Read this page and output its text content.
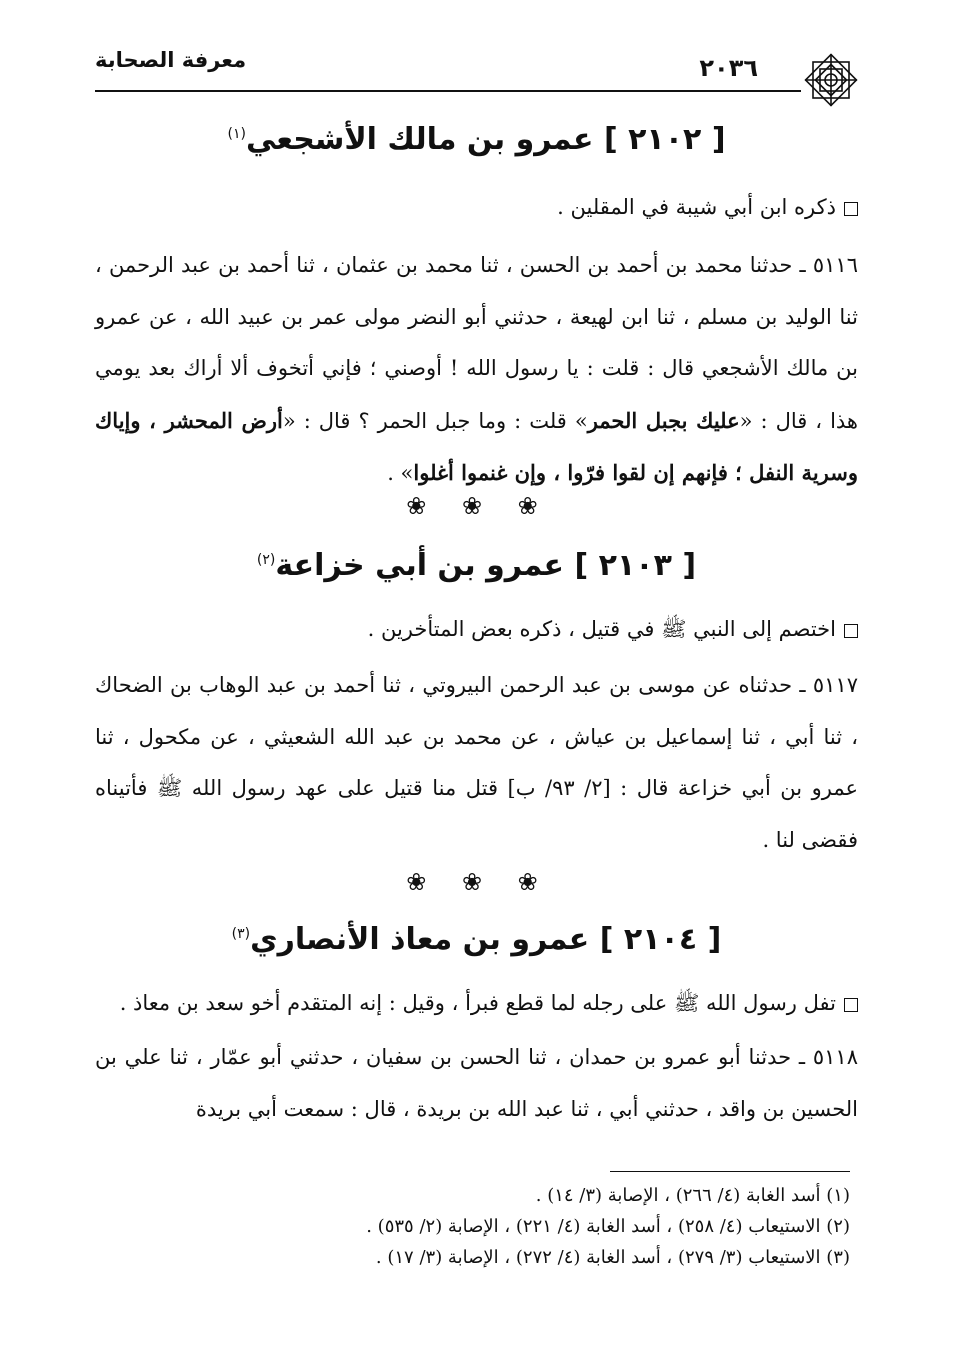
٢٠٣٦
معرفة الصحابة
[ ٢١٠٢ ] عمرو بن مالك الأشجعي$^{(١)}$
ذكره ابن أبي شيبة في المقلين .
٥١١٦ ـ حدثنا محمد بن أحمد بن الحسن ، ثنا محمد بن عثمان ، ثنا أحمد بن عبد الرحمن ، ثنا الوليد بن مسلم ، ثنا ابن لهيعة ، حدثني أبو النضر مولى عمر بن عبيد الله ، عن عمرو بن مالك الأشجعي قال : قلت : يا رسول الله ! أوصني ؛ فإني أتخوف ألا أراك بعد يومي هذا ، قال : «عليك بجبل الحمر» قلت : وما جبل الحمر ؟ قال : «أرض المحشر ، وإياك وسرية النفل ؛ فإنهم إن لقوا فرّوا ، وإن غنموا أغلوا» .
❀ ❀ ❀
[ ٢١٠٣ ] عمرو بن أبي خزاعة$^{(٢)}$
اختصم إلى النبي ﷺ في قتيل ، ذكره بعض المتأخرين .
٥١١٧ ـ حدثناه عن موسى بن عبد الرحمن البيروتي ، ثنا أحمد بن عبد الوهاب بن الضحاك ، ثنا أبي ، ثنا إسماعيل بن عياش ، عن محمد بن عبد الله الشعيثي ، عن مكحول ، ثنا عمرو بن أبي خزاعة قال : [٢/ ٩٣/ ب] قتل منا قتيل على عهد رسول الله ﷺ فأتيناه فقضى لنا .
❀ ❀ ❀
[ ٢١٠٤ ] عمرو بن معاذ الأنصاري$^{(٣)}$
تفل رسول الله ﷺ على رجله لما قطع فبرأ ، وقيل : إنه المتقدم أخو سعد بن معاذ .
٥١١٨ ـ حدثنا أبو عمرو بن حمدان ، ثنا الحسن بن سفيان ، حدثني أبو عمّار ، ثنا علي بن الحسين بن واقد ، حدثني أبي ، ثنا عبد الله بن بريدة ، قال : سمعت أبي بريدة
(١) أسد الغابة (٤/ ٢٦٦) ، الإصابة (٣/ ١٤) .
(٢) الاستيعاب (٤/ ٢٥٨) ، أسد الغابة (٤/ ٢٢١) ، الإصابة (٢/ ٥٣٥) .
(٣) الاستيعاب (٣/ ٢٧٩) ، أسد الغابة (٤/ ٢٧٢) ، الإصابة (٣/ ١٧) .
